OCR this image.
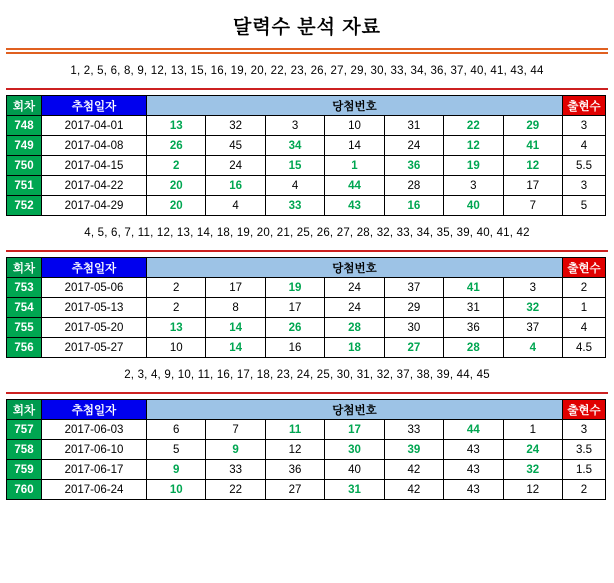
달력수 분석 자료
1, 2, 5, 6, 8, 9, 12, 13, 15, 16, 19, 20, 22, 23, 26, 27, 29, 30, 33, 34, 36, 37, 40, 41, 43, 44
회차	추첨일자	당첨번호							출현수
748	2017-04-01	13	32	3	10	31	22	29	3
749	2017-04-08	26	45	34	14	24	12	41	4
750	2017-04-15	2	24	15	1	36	19	12	5.5
751	2017-04-22	20	16	4	44	28	3	17	3
752	2017-04-29	20	4	33	43	16	40	7	5
4, 5, 6, 7, 11, 12, 13, 14, 18, 19, 20, 21, 25, 26, 27, 28, 32, 33, 34, 35, 39, 40, 41, 42
회차	추첨일자	당첨번호							출현수
753	2017-05-06	2	17	19	24	37	41	3	2
754	2017-05-13	2	8	17	24	29	31	32	1
755	2017-05-20	13	14	26	28	30	36	37	4
756	2017-05-27	10	14	16	18	27	28	4	4.5
2, 3, 4, 9, 10, 11, 16, 17, 18, 23, 24, 25, 30, 31, 32, 37, 38, 39, 44, 45
회차	추첨일자	당첨번호							출현수
757	2017-06-03	6	7	11	17	33	44	1	3
758	2017-06-10	5	9	12	30	39	43	24	3.5
759	2017-06-17	9	33	36	40	42	43	32	1.5
760	2017-06-24	10	22	27	31	42	43	12	2
